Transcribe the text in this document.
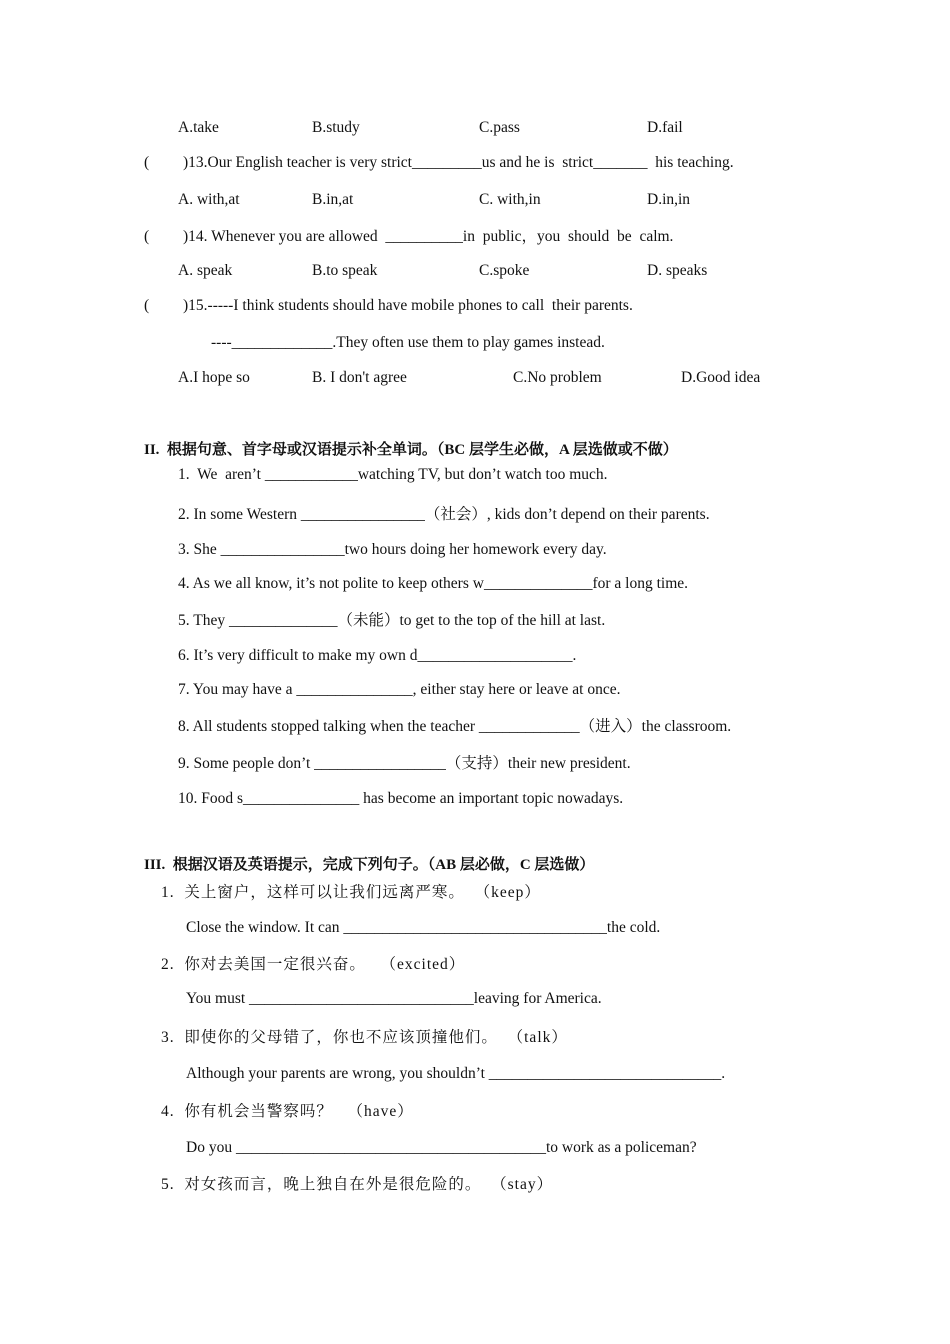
A.take	B.study	C.pass	D.fail
( )13.Our English teacher is very strict_________us and he is  strict_______  his teaching.
A. with,at	B.in,at	C. with,in	D.in,in
( )14. Whenever you are allowed  __________in  public，you  should  be  calm.
A. speak	B.to speak	C.spoke	D. speaks
( )15.-----I think students should have mobile phones to call  their parents.
----_____________.They often use them to play games instead.
A.I hope so	B. I don't agree	C.No problem	D.Good idea
II.  根据句意、首字母或汉语提示补全单词。（BC 层学生必做，A 层选做或不做）
1.  We  aren’t ____________watching TV, but don’t watch too much.
2. In some Western ________________（社会）, kids don’t depend on their parents.
3. She ________________two hours doing her homework every day.
4. As we all know, it’s not polite to keep others w______________for a long time.
5. They ______________（未能）to get to the top of the hill at last.
6. It’s very difficult to make my own d____________________.
7. You may have a _______________, either stay here or leave at once.
8. All students stopped talking when the teacher _____________（进入）the classroom.
9. Some people don’t _________________（支持）their new president.
10. Food s_______________ has become an important topic nowadays.
III.  根据汉语及英语提示，完成下列句子。（AB 层必做，C 层选做）
1.  关上窗户，这样可以让我们远离严寒。  （keep）
Close the window. It can __________________________________the cold.
2.  你对去美国一定很兴奋。   （excited）
You must _____________________________leaving for America.
3.  即使你的父母错了，你也不应该顶撞他们。  （talk）
Although your parents are wrong, you shouldn’t ______________________________.
4.  你有机会当警察吗？   （have）
Do you ________________________________________to work as a policeman?
5.  对女孩而言，晚上独自在外是很危险的。  （stay）
